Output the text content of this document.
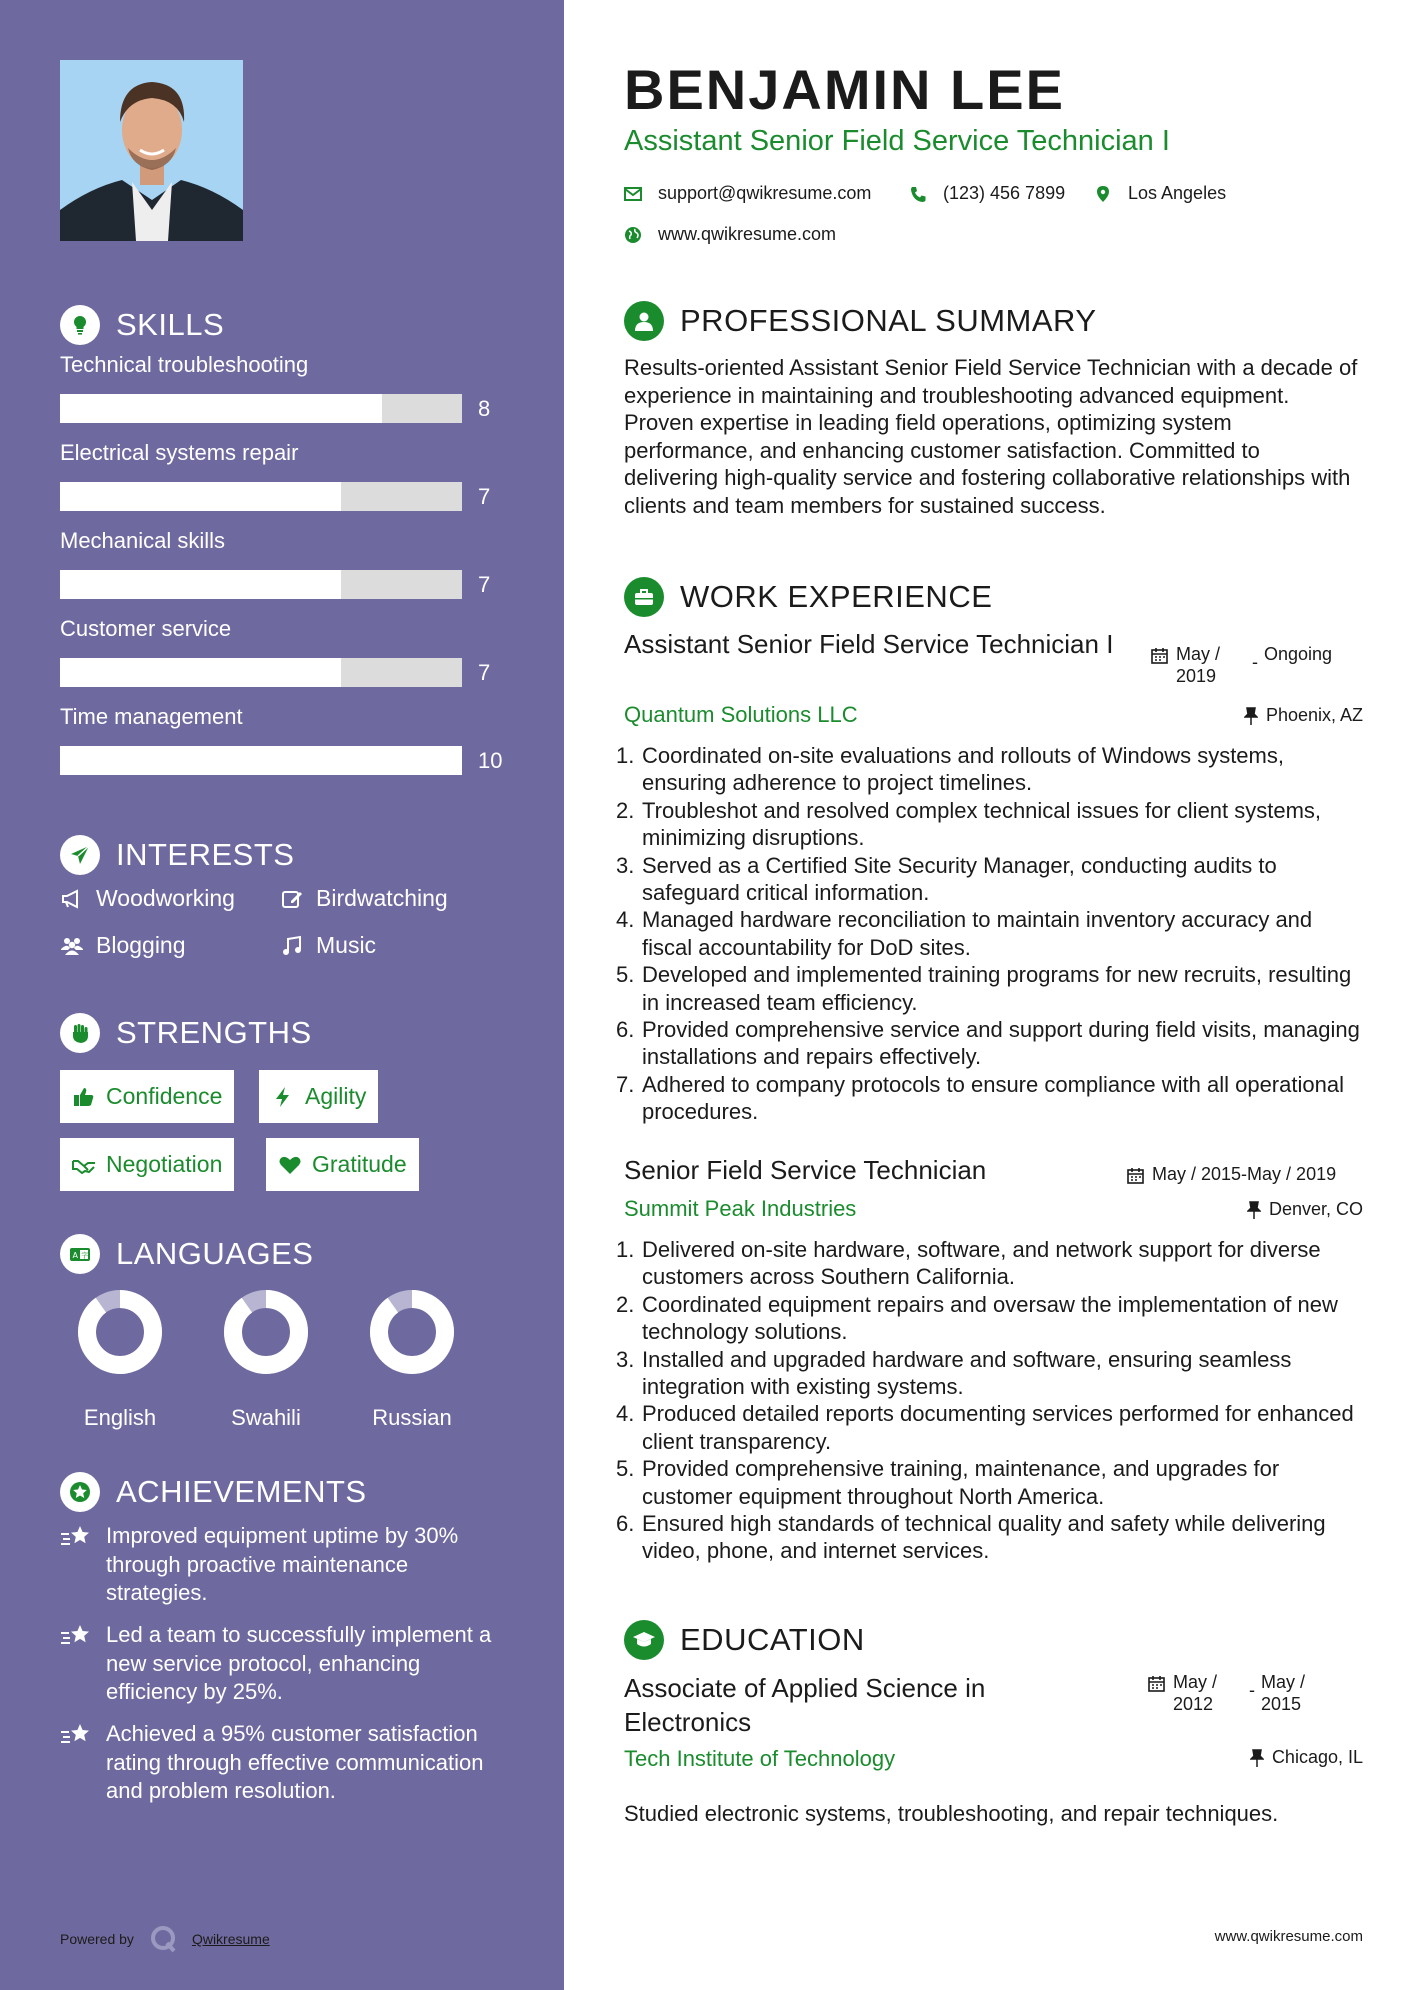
SKILLS
Technical troubleshooting
8
Electrical systems repair
7
Mechanical skills
7
Customer service
7
Time management
10
INTERESTS
Woodworking	Birdwatching
Blogging	Music
STRENGTHS
Confidence	Agility
Negotiation	Gratitude
A 字 LANGUAGES
English	Swahili	Russian
ACHIEVEMENTS
Improved equipment uptime by 30% through proactive maintenance strategies.
Led a team to successfully implement a new service protocol, enhancing efficiency by 25%.
Achieved a 95% customer satisfaction rating through effective communication and problem resolution.
Powered by	Qwikresume
BENJAMIN LEE
Assistant Senior Field Service Technician I
support@qwikresume.com	(123) 456 7899	Los Angeles
www.qwikresume.com
PROFESSIONAL SUMMARY
Results-oriented Assistant Senior Field Service Technician with a decade of experience in maintaining and troubleshooting advanced equipment. Proven expertise in leading field operations, optimizing system performance, and enhancing customer satisfaction. Committed to delivering high-quality service and fostering collaborative relationships with clients and team members for sustained success.
WORK EXPERIENCE
Assistant Senior Field Service Technician I	May / 2019
- Ongoing
Quantum Solutions LLC	Phoenix, AZ
1. Coordinated on-site evaluations and rollouts of Windows systems, ensuring adherence to project timelines.
2. Troubleshot and resolved complex technical issues for client systems, minimizing disruptions.
3. Served as a Certified Site Security Manager, conducting audits to safeguard critical information.
4. Managed hardware reconciliation to maintain inventory accuracy and fiscal accountability for DoD sites.
5. Developed and implemented training programs for new recruits, resulting in increased team efficiency.
6. Provided comprehensive service and support during field visits, managing installations and repairs effectively.
7. Adhered to company protocols to ensure compliance with all operational procedures.
Senior Field Service Technician	May / 2015-May / 2019
Summit Peak Industries	Denver, CO
1. Delivered on-site hardware, software, and network support for diverse customers across Southern California.
2. Coordinated equipment repairs and oversaw the implementation of new technology solutions.
3. Installed and upgraded hardware and software, ensuring seamless integration with existing systems.
4. Produced detailed reports documenting services performed for enhanced client transparency.
5. Provided comprehensive training, maintenance, and upgrades for customer equipment throughout North America.
6. Ensured high standards of technical quality and safety while delivering video, phone, and internet services.
EDUCATION
Associate of Applied Science in Electronics
May / 2012
- May / 2015
Tech Institute of Technology	Chicago, IL
Studied electronic systems, troubleshooting, and repair techniques.
www.qwikresume.com
